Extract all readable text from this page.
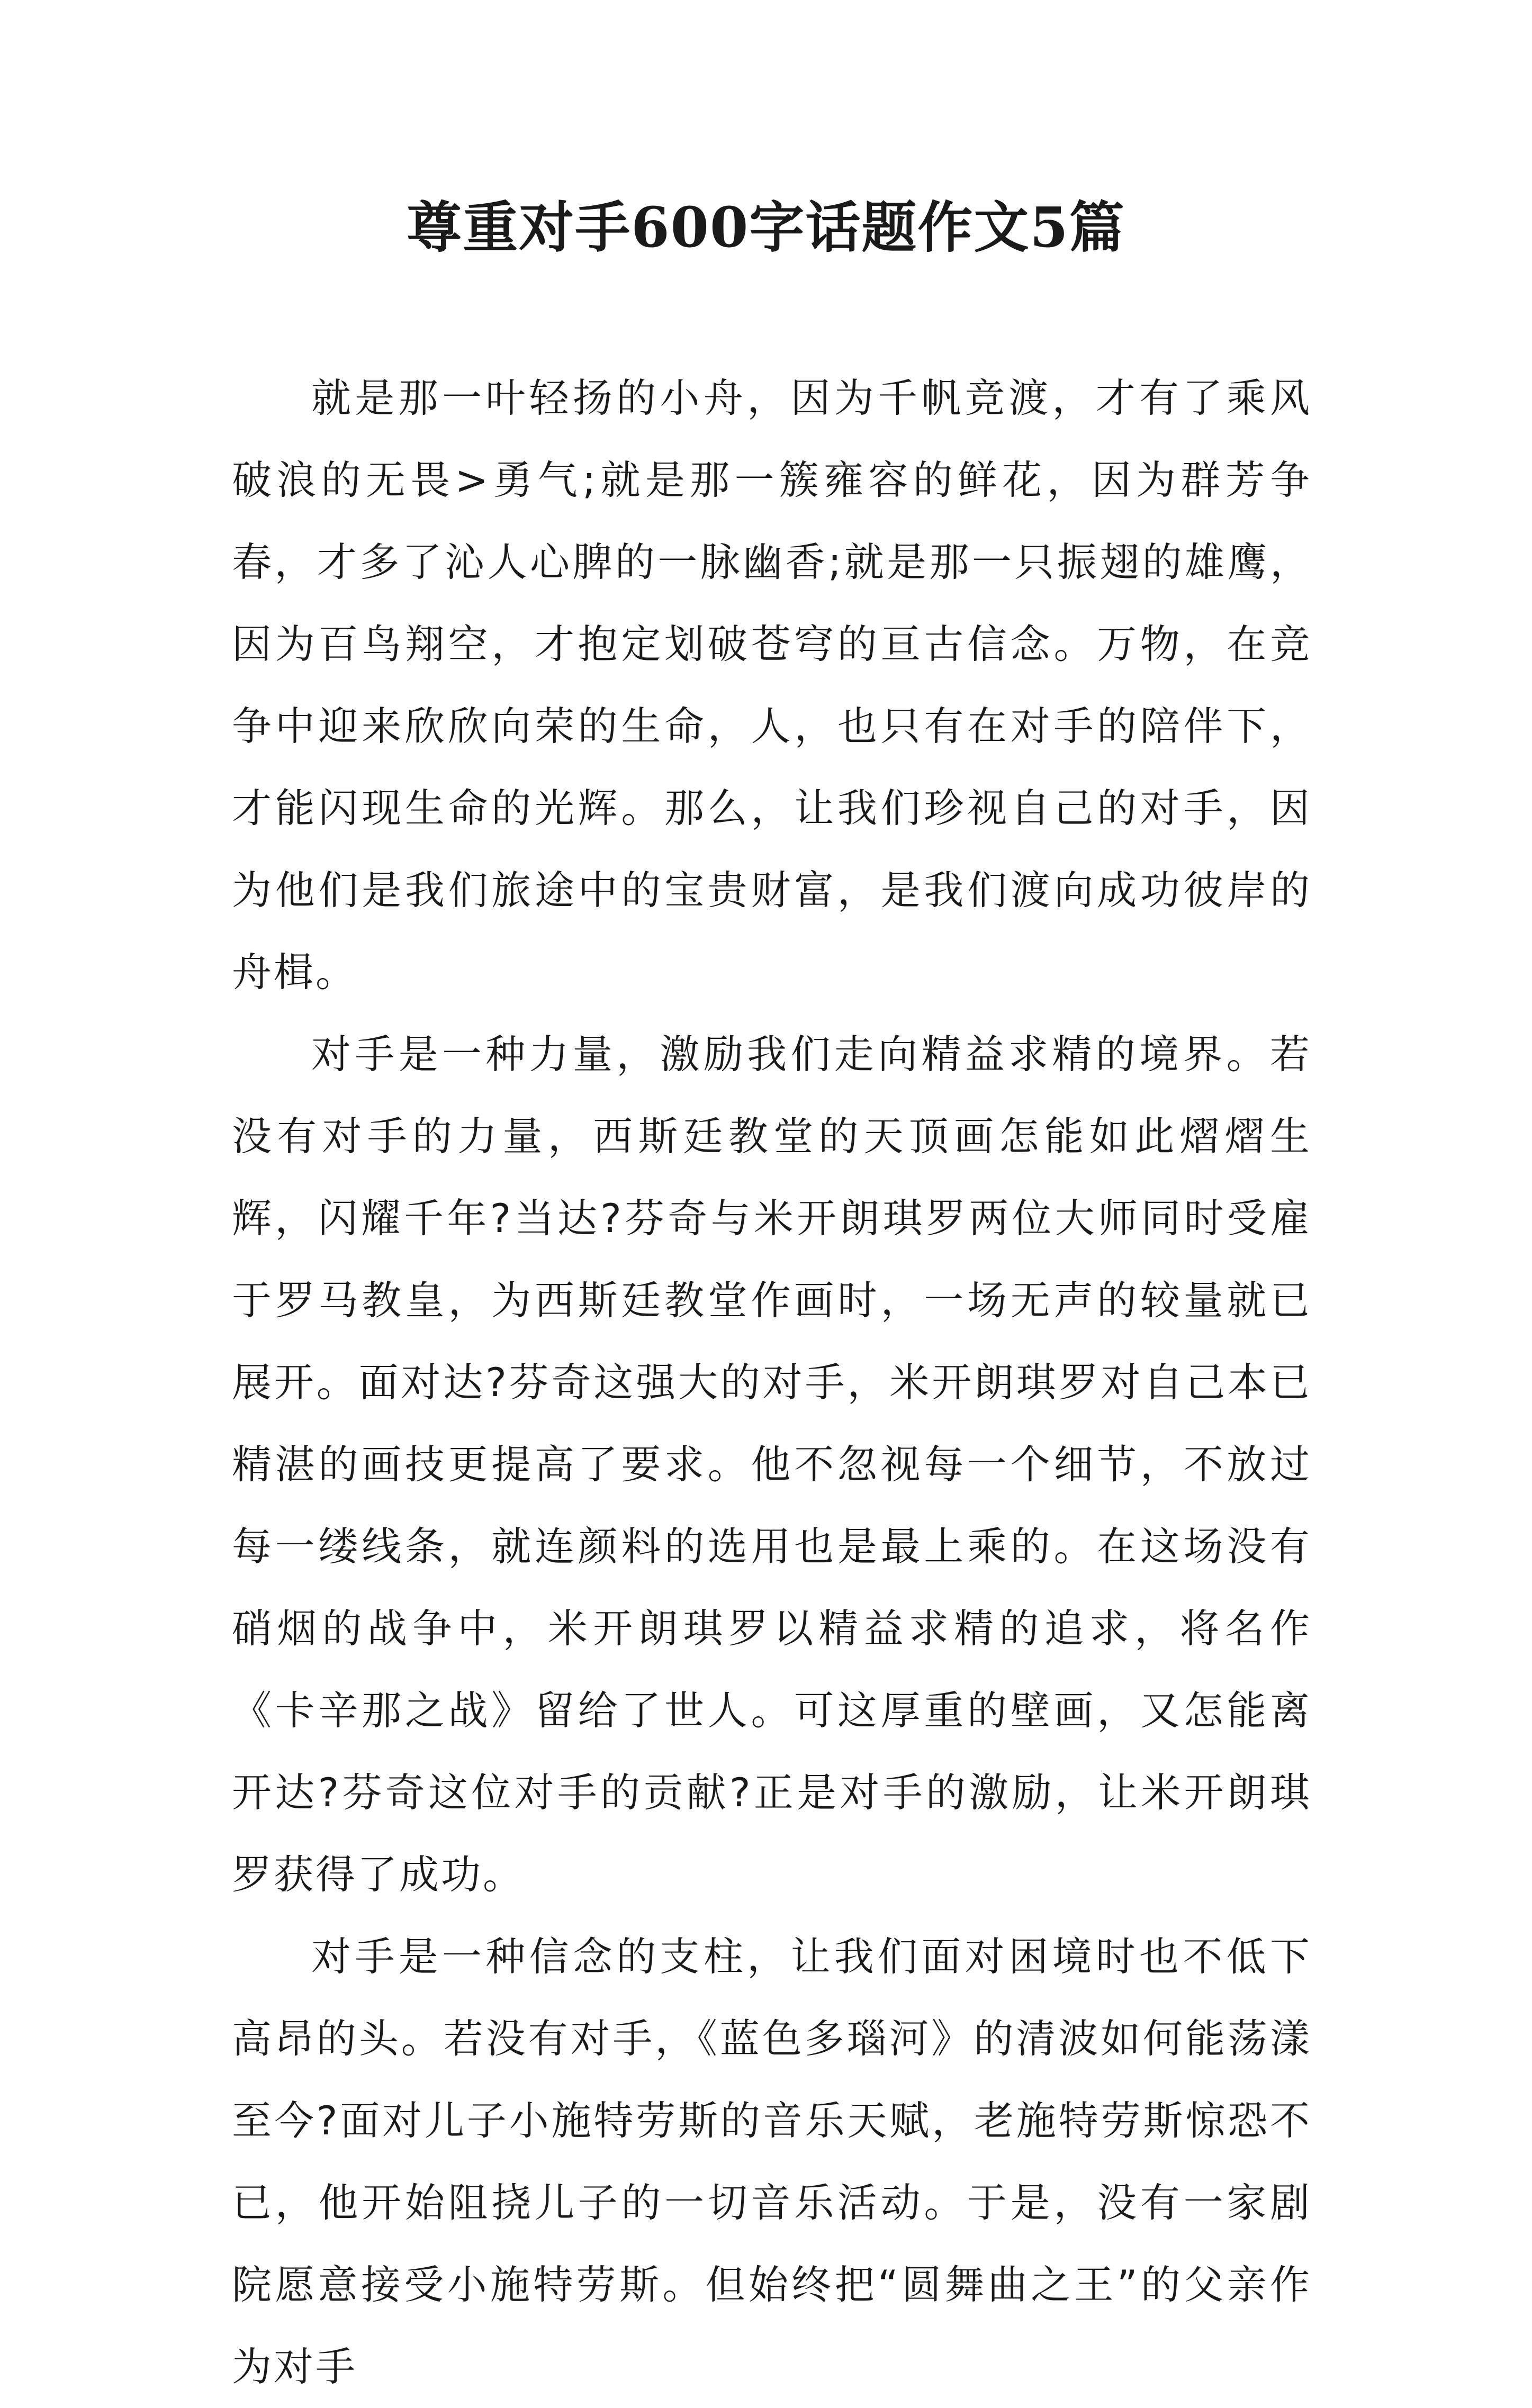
尊重对手600字话题作文5篇

就是那一叶轻扬的小舟，因为千帆竞渡，才有了乘风破浪的无畏>勇气;就是那一簇雍容的鲜花，因为群芳争春，才多了沁人心脾的一脉幽香;就是那一只振翅的雄鹰，因为百鸟翔空，才抱定划破苍穹的亘古信念。万物，在竞争中迎来欣欣向荣的生命，人，也只有在对手的陪伴下，才能闪现生命的光辉。那么，让我们珍视自己的对手，因为他们是我们旅途中的宝贵财富，是我们渡向成功彼岸的舟楫。

对手是一种力量，激励我们走向精益求精的境界。若没有对手的力量，西斯廷教堂的天顶画怎能如此熠熠生辉，闪耀千年?当达?芬奇与米开朗琪罗两位大师同时受雇于罗马教皇，为西斯廷教堂作画时，一场无声的较量就已展开。面对达?芬奇这强大的对手，米开朗琪罗对自己本已精湛的画技更提高了要求。他不忽视每一个细节，不放过每一缕线条，就连颜料的选用也是最上乘的。在这场没有硝烟的战争中，米开朗琪罗以精益求精的追求，将名作《卡辛那之战》留给了世人。可这厚重的壁画，又怎能离开达?芬奇这位对手的贡献?正是对手的激励，让米开朗琪罗获得了成功。

对手是一种信念的支柱，让我们面对困境时也不低下高昂的头。若没有对手，《蓝色多瑙河》的清波如何能荡漾至今?面对儿子小施特劳斯的音乐天赋，老施特劳斯惊恐不已，他开始阻挠儿子的一切音乐活动。于是，没有一家剧院愿意接受小施特劳斯。但始终把“圆舞曲之王”的父亲作为对手
